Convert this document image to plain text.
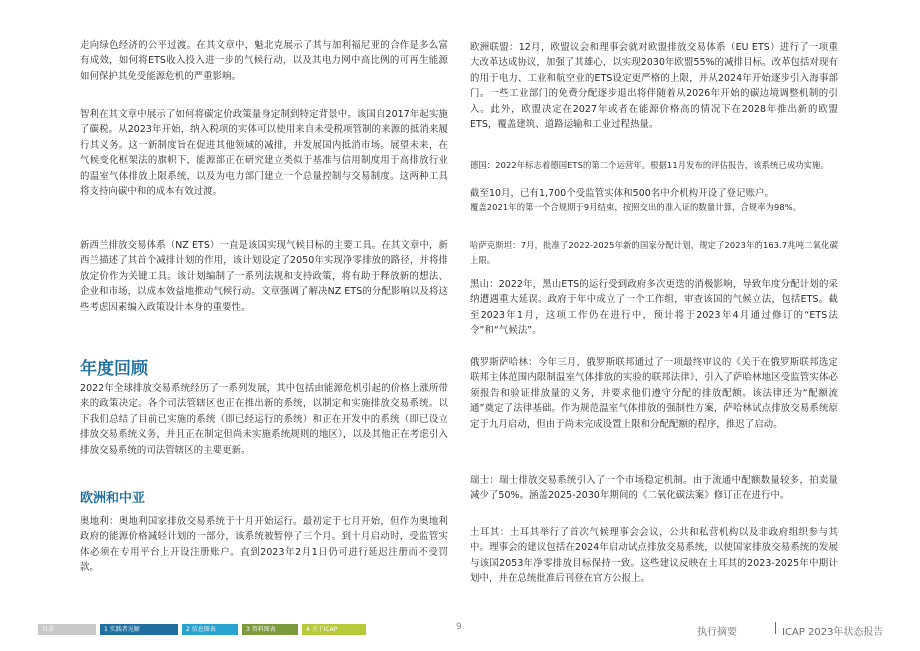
走向绿色经济的公平过渡。在其文章中，魁北克展示了其与加利福尼亚的合作是多么富有成效，如何将ETS收入投入进一步的气候行动，以及其电力网中高比例的可再生能源如何保护其免受能源危机的严重影响。

智利在其文章中展示了如何将碳定价政策量身定制到特定背景中。该国自2017年起实施了碳税。从2023年开始，纳入税项的实体可以使用来自未受税项管制的来源的抵消来履行其义务。这一新制度旨在促进其他领域的减排，并发展国内抵消市场。展望未来，在气候变化框架法的旗帜下，能源部正在研究建立类似于基准与信用制度用于高排放行业的温室气体排放上限系统，以及为电力部门建立一个总量控制与交易制度。这两种工具将支持向碳中和的成本有效过渡。

新西兰排放交易体系（NZ ETS）一直是该国实现气候目标的主要工具。在其文章中，新西兰描述了其首个减排计划的作用，该计划设定了2050年实现净零排放的路径，并将排放定价作为关键工具。该计划编制了一系列法规和支持政策，将有助于释放新的想法、企业和市场，以成本效益地推动气候行动。文章强调了解决NZ ETS的分配影响以及将这些考虑因素编入政策设计本身的重要性。

年度回顾

2022年全球排放交易系统经历了一系列发展，其中包括由能源危机引起的价格上涨所带来的政策决定。各个司法管辖区也正在推出新的系统，以制定和实施排放交易系统。以下我们总结了目前已实施的系统（即已经运行的系统）和正在开发中的系统（即已设立排放交易系统义务，并且正在制定但尚未实施系统规则的地区），以及其他正在考虑引入排放交易系统的司法管辖区的主要更新。

欧洲和中亚

奥地利：奥地利国家排放交易系统于十月开始运行。最初定于七月开始，但作为奥地利政府的能源价格减轻计划的一部分，该系统被暂停了三个月。到十月启动时，受监管实体必须在专用平台上开设注册账户。直到2023年2月1日仍可进行延迟注册而不受罚款。

欧洲联盟：12月，欧盟议会和理事会就对欧盟排放交易体系（EU ETS）进行了一项重大改革达成协议，加强了其雄心，以实现2030年欧盟55%的减排目标。改革包括对现有的用于电力、工业和航空业的ETS设定更严格的上限，并从2024年开始逐步引入海事部门。一些工业部门的免费分配逐步退出将伴随着从2026年开始的碳边境调整机制的引入。此外，欧盟决定在2027年或者在能源价格高的情况下在2028年推出新的欧盟ETS，覆盖建筑、道路运输和工业过程热量。

德国：2022年标志着德国ETS的第二个运营年。根据11月发布的评估报告，该系统已成功实施。

截至10月，已有1,700个受监管实体和500名中介机构开设了登记账户。

覆盖2021年的第一个合规期于9月结束，按照交出的准入证的数量计算，合规率为98%。

哈萨克斯坦：7月，批准了2022-2025年新的国家分配计划，规定了2023年的163.7兆吨二氧化碳上限。

黑山：2022年，黑山ETS的运行受到政府多次更迭的消极影响，导致年度分配计划的采纳遭遇重大延误。政府于年中成立了一个工作组，审查该国的气候立法，包括ETS。截至2023年1月，这项工作仍在进行中，预计将于2023年4月通过修订的“ETS法令”和“气候法”。

俄罗斯萨哈林：今年三月，俄罗斯联邦通过了一项最终审议的《关于在俄罗斯联邦选定联邦主体范围内限制温室气体排放的实验的联邦法律》，引入了萨哈林地区受监管实体必须报告和验证排放量的义务，并要求他们遵守分配的排放配额。该法律还为“配额流通”奠定了法律基础。作为规范温室气体排放的强制性方案，萨哈林试点排放交易系统原定于九月启动，但由于尚未完成设置上限和分配配额的程序，推迟了启动。

瑞士：瑞士排放交易系统引入了一个市场稳定机制。由于流通中配额数量较多，拍卖量减少了50%。涵盖2025-2030年期间的《二氧化碳法案》修订正在进行中。

土耳其：土耳其举行了首次气候理事会会议，公共和私营机构以及非政府组织参与其中。理事会的建议包括在2024年启动试点排放交易系统，以使国家排放交易系统的发展与该国2053年净零排放目标保持一致。这些建议反映在土耳其的2023-2025年中期计划中，并在总统批准后刊登在官方公报上。

目录	1 实践者见解	2 信息图表	3 资料图表	4 关于ICAP	9	执行摘要	ICAP 2023年状态报告
